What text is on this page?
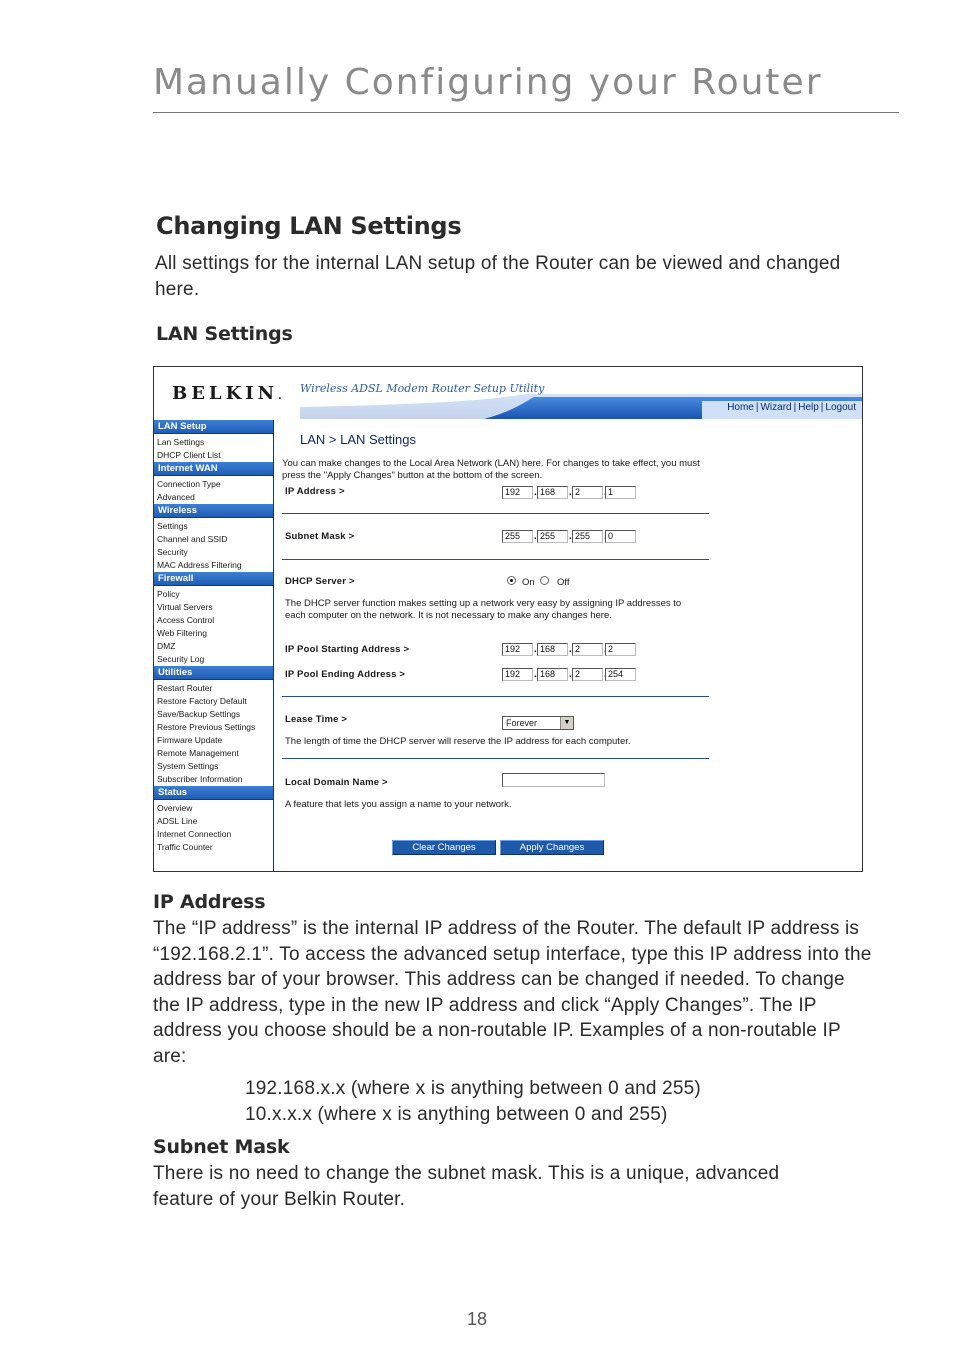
Manually Configuring your Router
Changing LAN Settings

All settings for the internal LAN setup of the Router can be viewed and changed here.

LAN Settings
BELKIN.
Wireless ADSL Modem Router Setup Utility
Home | Wizard | Help | Logout
LAN Setup
Lan Settings
DHCP Client List
Internet WAN
Connection Type
Advanced
Wireless
Settings
Channel and SSID
Security
MAC Address Filtering
Firewall
Policy
Virtual Servers
Access Control
Web Filtering
DMZ
Security Log
Utilities
Restart Router
Restore Factory Default
Save/Backup Settings
Restore Previous Settings
Firmware Update
Remote Management
System Settings
Subscriber Information
Status
Overview
ADSL Line
Internet Connection
Traffic Counter
LAN > LAN Settings
You can make changes to the Local Area Network (LAN) here. For changes to take effect, you must press the "Apply Changes" button at the bottom of the screen.
IP Address >	192	. 168	. 2	1
Subnet Mask >	255	. 255	. 255	0
DHCP Server >	On Off
The DHCP server function makes setting up a network very easy by assigning IP addresses to each computer on the network. It is not necessary to make any changes here.
IP Pool Starting Address >	192	. 168	. 2	2
IP Pool Ending Address >	192	. 168	. 2	254
Lease Time >	Forever	▼
The length of time the DHCP server will reserve the IP address for each computer.
Local Domain Name >
A feature that lets you assign a name to your network.
Clear Changes	Apply Changes
IP Address

The “IP address” is the internal IP address of the Router. The default IP address is “192.168.2.1”. To access the advanced setup interface, type this IP address into the address bar of your browser. This address can be changed if needed. To change the IP address, type in the new IP address and click “Apply Changes”. The IP address you choose should be a non-routable IP. Examples of a non-routable IP are:

192.168.x.x (where x is anything between 0 and 255)
10.x.x.x (where x is anything between 0 and 255)
Subnet Mask

There is no need to change the subnet mask. This is a unique, advanced feature of your Belkin Router.

18
